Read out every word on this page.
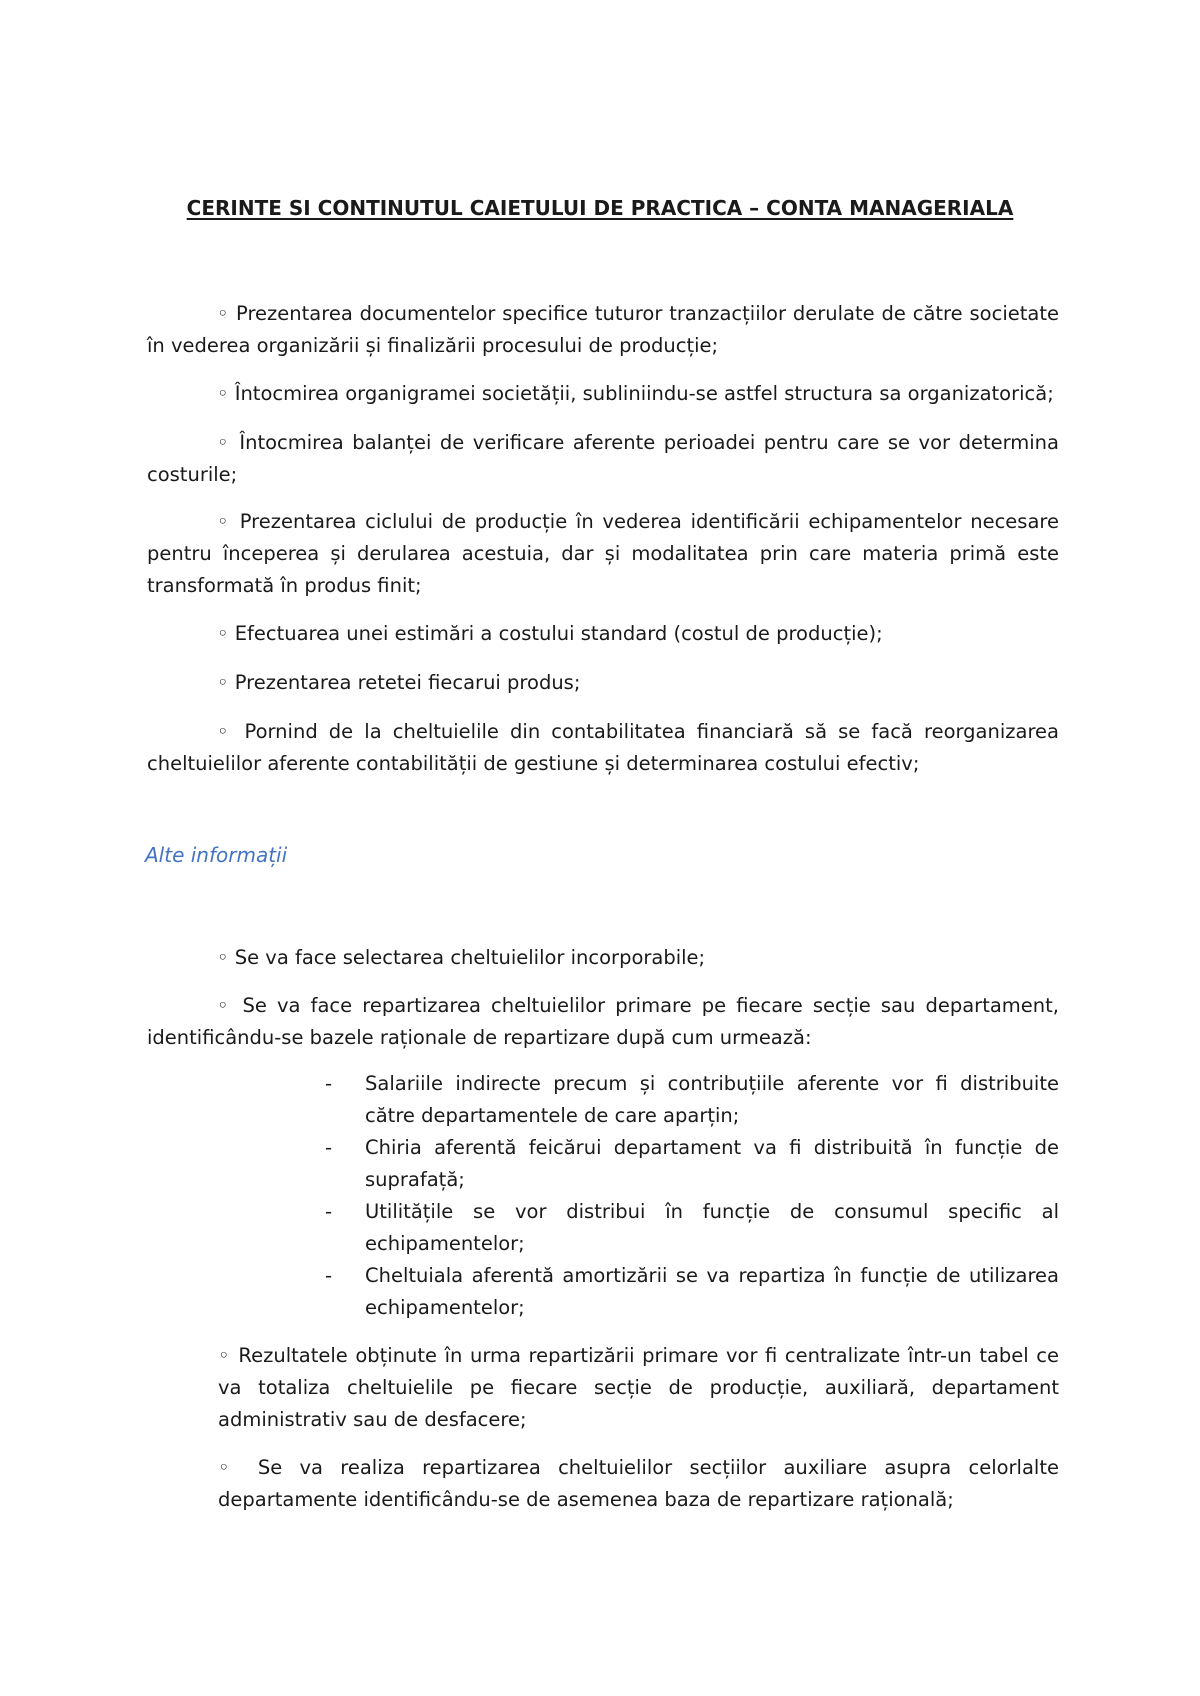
CERINTE SI CONTINUTUL CAIETULUI DE PRACTICA – CONTA MANAGERIALA
◦ Prezentarea documentelor specifice tuturor tranzacțiilor derulate de către societate în vederea organizării și finalizării procesului de producție;
◦ Întocmirea organigramei societății, subliniindu-se astfel structura sa organizatorică;
◦ Întocmirea balanței de verificare aferente perioadei pentru care se vor determina costurile;
◦ Prezentarea ciclului de producție în vederea identificării echipamentelor necesare pentru începerea și derularea acestuia, dar și modalitatea prin care materia primă este transformată în produs finit;
◦ Efectuarea unei estimări a costului standard (costul de producție);
◦ Prezentarea retetei fiecarui produs;
◦ Pornind de la cheltuielile din contabilitatea financiară să se facă reorganizarea cheltuielilor aferente contabilității de gestiune și determinarea costului efectiv;
Alte informații
◦ Se va face selectarea cheltuielilor incorporabile;
◦ Se va face repartizarea cheltuielilor primare pe fiecare secție sau departament, identificându-se bazele raționale de repartizare după cum urmează:
- Salariile indirecte precum și contribuțiile aferente vor fi distribuite către departamentele de care aparțin;
- Chiria aferentă feicărui departament va fi distribuită în funcție de suprafață;
- Utilitățile se vor distribui în funcție de consumul specific al echipamentelor;
- Cheltuiala aferentă amortizării se va repartiza în funcție de utilizarea echipamentelor;
◦ Rezultatele obținute în urma repartizării primare vor fi centralizate într-un tabel ce va totaliza cheltuielile pe fiecare secție de producție, auxiliară, departament administrativ sau de desfacere;
◦ Se va realiza repartizarea cheltuielilor secțiilor auxiliare asupra celorlalte departamente identificându-se de asemenea baza de repartizare rațională;
